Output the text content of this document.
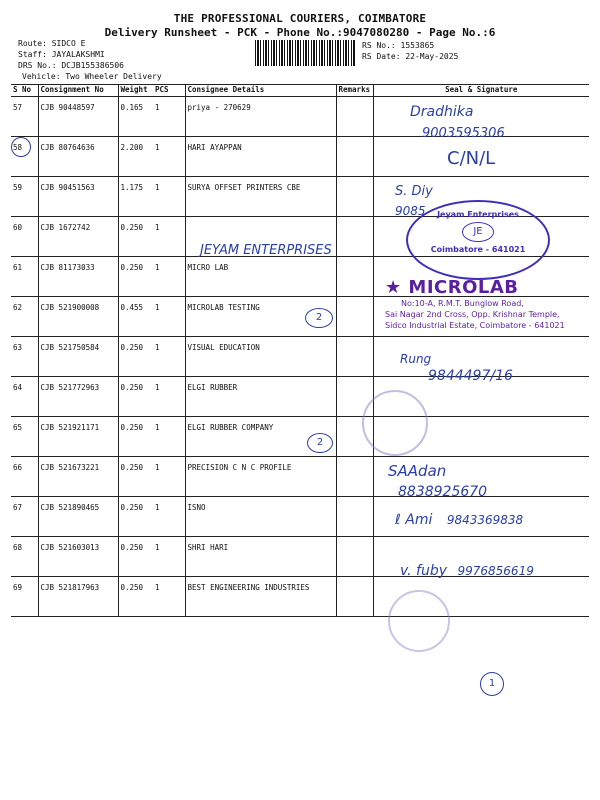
THE PROFESSIONAL COURIERS, COIMBATORE
Delivery Runsheet - PCK - Phone No.:9047080280 - Page No.:6
Route: SIDCO E
Staff: JAYALAKSHMI
DRS No.: DCJB155386506
Vehicle: Two Wheeler Delivery
RS No.: 1553865
RS Date: 22-May-2025
S No	Consignment No	Weight	PCS	Consignee Details	Remarks	Seal & Signature
57	CJB 90448597	0.165	1	priya - 270629		
58	CJB 80764636	2.200	1	HARI AYAPPAN		
59	CJB 90451563	1.175	1	SURYA OFFSET PRINTERS CBE		
60	CJB 1672742	0.250	1			
61	CJB 81173033	0.250	1	MICRO LAB		
62	CJB 521900008	0.455	1	MICROLAB TESTING		
63	CJB 521750584	0.250	1	VISUAL EDUCATION		
64	CJB 521772963	0.250	1	ELGI RUBBER		
65	CJB 521921171	0.250	1	ELGI RUBBER COMPANY		
66	CJB 521673221	0.250	1	PRECISION C N C PROFILE		
67	CJB 521890465	0.250	1	ISNO		
68	CJB 521603013	0.250	1	SHRI HARI		
69	CJB 521817963	0.250	1	BEST ENGINEERING INDUSTRIES		
Dradhika
9003595306
C/N/L
S. Diy
9085
JEYAM ENTERPRISES
Jeyam Enterprises
JE
Coimbatore - 641021
★ MICROLAB
No:10-A, R.M.T. Bunglow Road,
Sai Nagar 2nd Cross, Opp. Krishnar Temple,
Sidco Industrial Estate, Coimbatore - 641021
2
Rung
9844497/16
2
SAAdan
8838925670
ℓ Ami 9843369838
v. fuby 9976856619
1
